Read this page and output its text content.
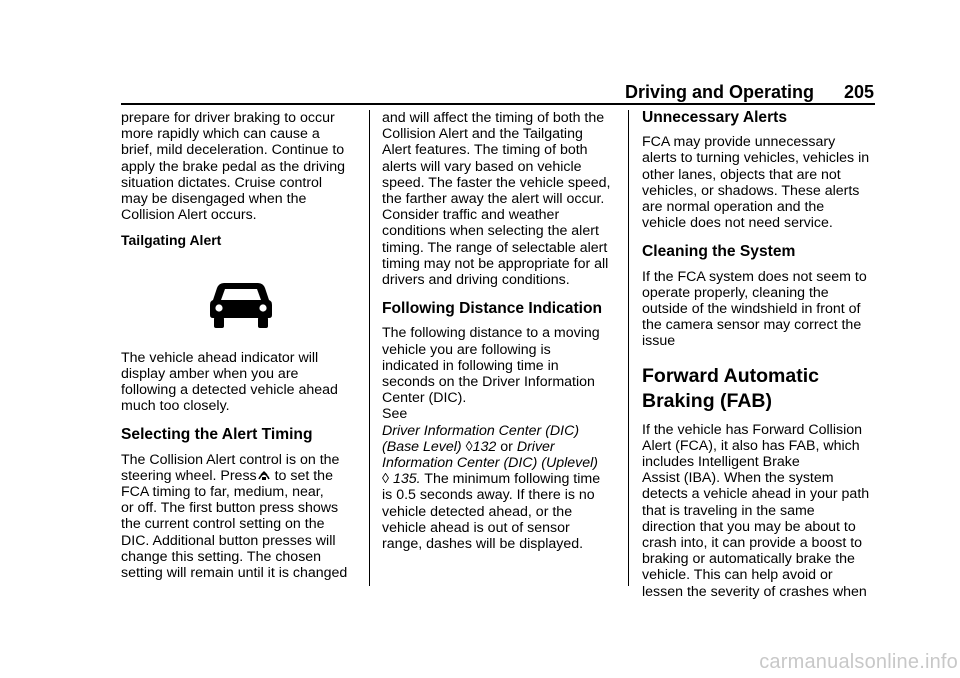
Driving and Operating 205

prepare for driver braking to occur
more rapidly which can cause a
brief, mild deceleration. Continue to
apply the brake pedal as the driving
situation dictates. Cruise control
may be disengaged when the
Collision Alert occurs.

Tailgating Alert

The vehicle ahead indicator will
display amber when you are
following a detected vehicle ahead
much too closely.

Selecting the Alert Timing

The Collision Alert control is on the
steering wheel. Press to set the
FCA timing to far, medium, near,
or off. The first button press shows
the current control setting on the
DIC. Additional button presses will
change this setting. The chosen
setting will remain until it is changed

and will affect the timing of both the
Collision Alert and the Tailgating
Alert features. The timing of both
alerts will vary based on vehicle
speed. The faster the vehicle speed,
the farther away the alert will occur.
Consider traffic and weather
conditions when selecting the alert
timing. The range of selectable alert
timing may not be appropriate for all
drivers and driving conditions.

Following Distance Indication

The following distance to a moving
vehicle you are following is
indicated in following time in
seconds on the Driver Information
Center (DIC).

See
Driver Information Center (DIC)
(Base Level) ◊132 or Driver
Information Center (DIC) (Uplevel)
◊ 135. The minimum following time
is 0.5 seconds away. If there is no
vehicle detected ahead, or the
vehicle ahead is out of sensor
range, dashes will be displayed.

Unnecessary Alerts

FCA may provide unnecessary
alerts to turning vehicles, vehicles in
other lanes, objects that are not
vehicles, or shadows. These alerts
are normal operation and the
vehicle does not need service.

Cleaning the System

If the FCA system does not seem to
operate properly, cleaning the
outside of the windshield in front of
the camera sensor may correct the
issue

Forward Automatic
Braking (FAB)

If the vehicle has Forward Collision
Alert (FCA), it also has FAB, which
includes Intelligent Brake
Assist (IBA). When the system
detects a vehicle ahead in your path
that is traveling in the same
direction that you may be about to
crash into, it can provide a boost to
braking or automatically brake the
vehicle. This can help avoid or
lessen the severity of crashes when

carmanualsonline.info
